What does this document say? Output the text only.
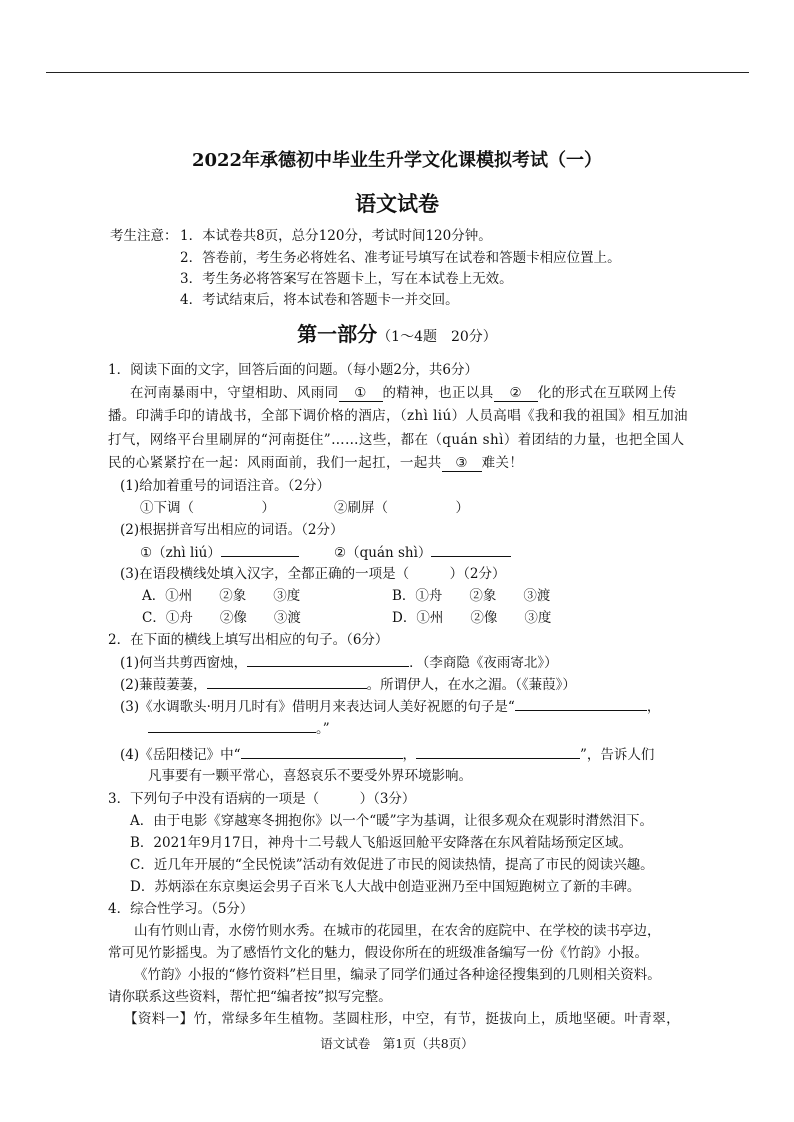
2022年承德初中毕业生升学文化课模拟考试（一）
语文试卷
考生注意： 1．本试卷共8页，总分120分，考试时间120分钟。
2．答卷前，考生务必将姓名、准考证号填写在试卷和答题卡相应位置上。
3．考生务必将答案写在答题卡上，写在本试卷上无效。
4．考试结束后，将本试卷和答题卡一并交回。
第一部分（1～4题　20分）
1．阅读下面的文字，回答后面的问题。（每小题2分，共6分）
在河南暴雨中，守望相助、风雨同 ① 的精神，也正以具 ② 化的形式在互联网上传
播。印满手印的请战书，全部下调价格的酒店，（zhì liú）人员高唱《我和我的祖国》相互加油
打气，网络平台里刷屏的“河南挺住”……这些，都在（quán shì）着团结的力量，也把全国人
民的心紧紧拧在一起：风雨面前，我们一起扛，一起共 ③ 难关！
(1)给加着重号的词语注音。（2分）
①下调（　　　　　）	②刷屏（　　　　　）
(2)根据拼音写出相应的词语。（2分）
①（zhì liú）	②（quán shì）
(3)在语段横线处填入汉字，全都正确的一项是（　　　）（2分）
A．①州　　②象　　③度	B．①舟　　②象　　③渡
C．①舟　　②像　　③渡	D．①州　　②像　　③度
2．在下面的横线上填写出相应的句子。（6分）
(1)何当共剪西窗烛，	．（李商隐《夜雨寄北》）
(2)蒹葭萋萋，	。所谓伊人，在水之湄。（《蒹葭》）
(3)《水调歌头·明月几时有》借明月来表达词人美好祝愿的句子是“	，
。”
(4)《岳阳楼记》中“	，	”，告诉人们
凡事要有一颗平常心，喜怒哀乐不要受外界环境影响。
3．下列句子中没有语病的一项是（　　　）（3分）
A．由于电影《穿越寒冬拥抱你》以一个“暖”字为基调，让很多观众在观影时潸然泪下。
B．2021年9月17日，神舟十二号载人飞船返回舱平安降落在东风着陆场预定区域。
C．近几年开展的“全民悦读”活动有效促进了市民的阅读热情，提高了市民的阅读兴趣。
D．苏炳添在东京奥运会男子百米飞人大战中创造亚洲乃至中国短跑树立了新的丰碑。
4．综合性学习。（5分）
山有竹则山青，水傍竹则水秀。在城市的花园里，在农舍的庭院中、在学校的读书亭边，
常可见竹影摇曳。为了感悟竹文化的魅力，假设你所在的班级准备编写一份《竹韵》小报。
《竹韵》小报的“修竹资料”栏目里，编录了同学们通过各种途径搜集到的几则相关资料。
请你联系这些资料，帮忙把“编者按”拟写完整。
【资料一】竹，常绿多年生植物。茎圆柱形，中空，有节，挺拔向上，质地坚硬。叶青翠，
语文试卷　第1页（共8页）
